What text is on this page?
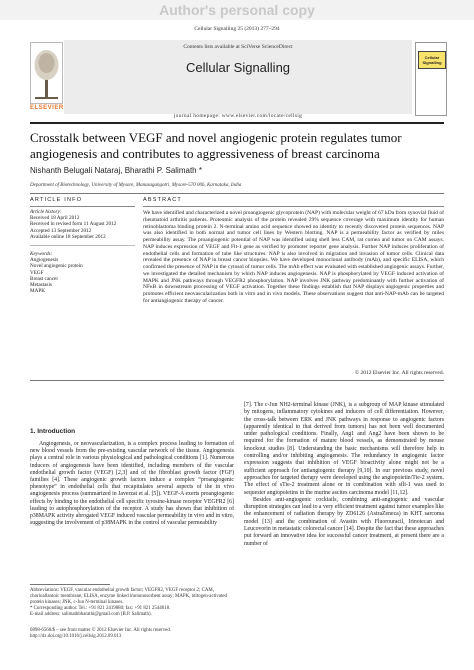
Author's personal copy
Cellular Signalling 25 (2013) 277–294
ELSEVIER
Contents lists available at SciVerse ScienceDirect
Cellular Signalling
journal homepage: www.elsevier.com/locate/cellsig
Cellular Signalling
Crosstalk between VEGF and novel angiogenic protein regulates tumor angiogenesis and contributes to aggressiveness of breast carcinoma
Nishanth Belugali Nataraj, Bharathi P. Salimath *
Department of Biotechnology, University of Mysore, Manasagangotri, Mysore-570 006, Karnataka, India
ARTICLE INFO
Article history:
Received 18 April 2012
Received in revised form 11 August 2012
Accepted 13 September 2012
Available online 18 September 2012
Keywords:
Angiogenesis
Novel angiogenic protein
VEGF
Breast cancer
Metastasis
MAPK
ABSTRACT
We have identified and characterized a novel proangiogenic glycoprotein (NAP) with molecular weight of 67 kDa from synovial fluid of rheumatoid arthritis patients. Proteomic analysis of the protein revealed 29% sequence coverage with maximum identity for human retinoblastoma binding protein 2. N-terminal amino acid sequence showed no identity to recently discovered protein sequences. NAP was also identified in both normal and tumor cell lines by Western blotting. NAP is a permeability factor as verified by miles permeability assay. The proangiogenic potential of NAP was identified using shell less CAM, rat cornea and tumor on CAM assays. NAP induces expression of VEGF and Flt-1 gene as verified by promoter reporter gene analysis. Further NAP induces proliferation of endothelial cells and formation of tube like structures. NAP is also involved in migration and invasion of tumor cells. Clinical data revealed the presence of NAP in breast cancer biopsies. We have developed monoclonal antibody (mAb), and specific ELISA, which confirmed the presence of NAP in the cytosol of tumor cells. The mAb effect was evaluated with established angiogenic assays. Further, we investigated the detailed mechanism by which NAP induces angiogenesis. NAP is phosphorylated by VEGF induced activation of MAPK and JNK pathways through VEGFR2 phosphorylation. NAP involves JNK pathway predominantly with further activation of NFκB in downstream processing of VEGF activation. Together these findings establish that NAP displays angiogenic properties and promotes efficient neovascularization both in vitro and in vivo models. These observations suggest that anti-NAP-mAb can be targeted for antiangiogenic therapy of cancer.
© 2012 Elsevier Inc. All rights reserved.
1. Introduction

Angiogenesis, or neovascularization, is a complex process leading to formation of new blood vessels from the pre-existing vascular network of the tissue. Angiogenesis plays a central role in various physiological and pathological conditions [1]. Numerous inducers of angiogenesis have been identified, including members of the vascular endothelial growth factor (VEGF) [2,3] and of the fibroblast growth factor (FGF) families [4]. These angiogenic growth factors induce a complex “proangiogenic phenotype” in endothelial cells that recapitulates several aspects of the in vivo angiogenesis process (summarized in Javerzat et al. [5]). VEGF-A exerts proangiogenic effects by binding to the endothelial cell specific tyrosine-kinase receptor VEGFR2 [6] leading to autophosphorylation of the receptor. A study has shown that inhibition of p38MAPK activity abrogated VEGF induced vascular permeability in vivo and in vitro, suggesting the involvement of p38MAPK in the control of vascular permeability

[7]. The c-Jun NH2-terminal kinase (JNK), is a subgroup of MAP kinase stimulated by mitogens, inflammatory cytokines and inducers of cell differentiation. However, the cross-talk between ERK and JNK pathways in response to angiogenic factors (apparently identical to that derived from tumors) has not been well documented under pathological conditions. Finally, Ang1 and Ang2 have been shown to be required for the formation of mature blood vessels, as demonstrated by mouse knockout studies [8]. Understanding the basic mechanisms will therefore help in controlling and/or inhibiting angiogenesis. The redundancy in angiogenic factor expression suggests that inhibition of VEGF bioactivity alone might not be a sufficient approach for antiangiogenic therapy [9,10]. In our previous study, novel approaches for targeted therapy were developed using the angiopoietin/Tie-2 system. The effect of sTie-2 treatment alone or in combination with sflt-1 was used to sequester angiopoietins in the murine ascites carcinoma model [11,12].

Besides anti-angiogenic cocktails, combining anti-angiogenic and vascular disruption strategies can lead to a very efficient treatment against tumor examples like the enhancement of radiation therapy by ZD6126 (AstraZeneca) in KHT sarcoma model [13] and the combination of Avastin with Fluorouracil, Irinotecan and Leucovorin in metastatic colorectal cancer [14]. Despite the fact that these approaches put forward an innovative idea for successful cancer treatment, at present there are a number of

Abbreviations: VEGF, vascular endothelial growth factor; VEGFR2, VEGF receptor 2; CAM, chorioallantoic membrane; ELISA, enzyme linked immunosorbent assay; MAPK, mitogen-activated protein kinases; JNK, c-Jun N-terminal kinases.
* Corresponding author. Tel.: +91 821 2419880; fax: +91 821 2544818.
E-mail address: salimathbharathi@gmail.com (B.P. Salimath).
0898-6568/$ – see front matter © 2012 Elsevier Inc. All rights reserved.
http://dx.doi.org/10.1016/j.cellsig.2012.09.013
